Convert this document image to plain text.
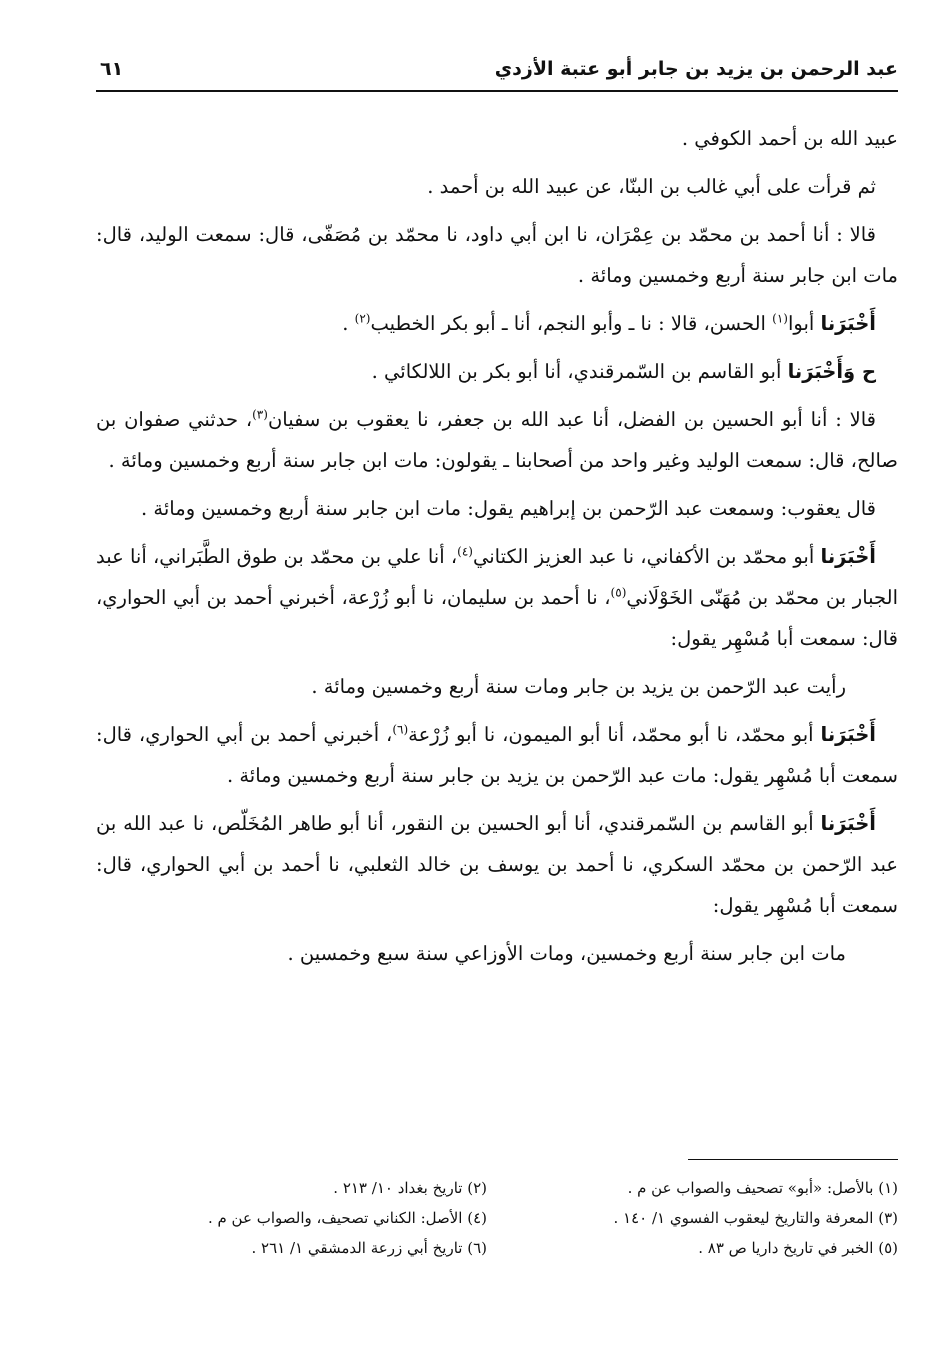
عبد الرحمن بن يزيد بن جابر أبو عتبة الأزدي
٦١

عبيد الله بن أحمد الكوفي .

ثم قرأت على أبي غالب بن البنّا، عن عبيد الله بن أحمد .

قالا : أنا أحمد بن محمّد بن عِمْرَان، نا ابن أبي داود، نا محمّد بن مُصَفّى، قال: سمعت الوليد، قال: مات ابن جابر سنة أربع وخمسين ومائة .

أَخْبَرَنا أبوا$^{(١)}$ الحسن، قالا : نا ـ وأبو النجم، أنا ـ أبو بكر الخطيب$^{(٢)}$ .

ح وَأَخْبَرَنا أبو القاسم بن السّمرقندي، أنا أبو بكر بن اللالكائي .

قالا : أنا أبو الحسين بن الفضل، أنا عبد الله بن جعفر، نا يعقوب بن سفيان$^{(٣)}$، حدثني صفوان بن صالح، قال: سمعت الوليد وغير واحد من أصحابنا ـ يقولون: مات ابن جابر سنة أربع وخمسين ومائة .

قال يعقوب: وسمعت عبد الرّحمن بن إبراهيم يقول: مات ابن جابر سنة أربع وخمسين ومائة .

أَخْبَرَنا أبو محمّد بن الأكفاني، نا عبد العزيز الكتاني$^{(٤)}$، أنا علي بن محمّد بن طوق الطَّبَراني، أنا عبد الجبار بن محمّد بن مُهَنّى الخَوْلَاني$^{(٥)}$، نا أحمد بن سليمان، نا أبو زُرْعة، أخبرني أحمد بن أبي الحواري، قال: سمعت أبا مُسْهِر يقول:

رأيت عبد الرّحمن بن يزيد بن جابر ومات سنة أربع وخمسين ومائة .

أَخْبَرَنا أبو محمّد، نا أبو محمّد، أنا أبو الميمون، نا أبو زُرْعة$^{(٦)}$، أخبرني أحمد بن أبي الحواري، قال: سمعت أبا مُسْهِر يقول: مات عبد الرّحمن بن يزيد بن جابر سنة أربع وخمسين ومائة .

أَخْبَرَنا أبو القاسم بن السّمرقندي، أنا أبو الحسين بن النقور، أنا أبو طاهر المُخَلّص، نا عبد الله بن عبد الرّحمن بن محمّد السكري، نا أحمد بن يوسف بن خالد الثعلبي، نا أحمد بن أبي الحواري، قال: سمعت أبا مُسْهِر يقول:

مات ابن جابر سنة أربع وخمسين، ومات الأوزاعي سنة سبع وخمسين .

(١) بالأصل: «أبو» تصحيف والصواب عن م .
(٢) تاريخ بغداد ١٠/ ٢١٣ .
(٣) المعرفة والتاريخ ليعقوب الفسوي ١/ ١٤٠ .
(٤) الأصل: الكناني تصحيف، والصواب عن م .
(٥) الخبر في تاريخ داريا ص ٨٣ .
(٦) تاريخ أبي زرعة الدمشقي ١/ ٢٦١ .
